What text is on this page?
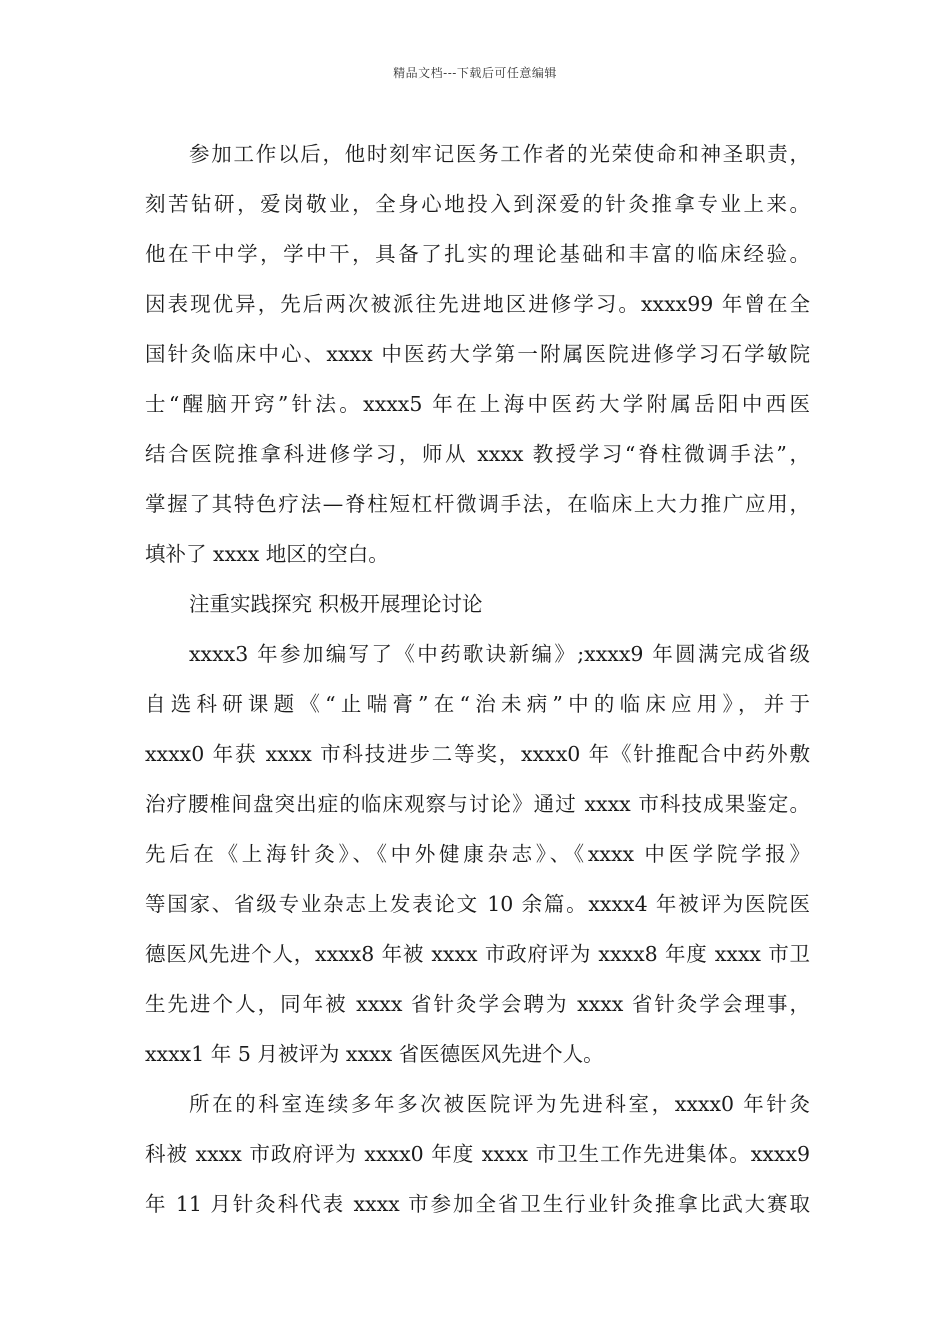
精品文档---下载后可任意编辑
参加工作以后，他时刻牢记医务工作者的光荣使命和神圣职责，
刻苦钻研，爱岗敬业，全身心地投入到深爱的针灸推拿专业上来。
他在干中学，学中干，具备了扎实的理论基础和丰富的临床经验。
因表现优异，先后两次被派往先进地区进修学习。xxxx99 年曾在全
国针灸临床中心、xxxx 中医药大学第一附属医院进修学习石学敏院
士“醒脑开窍”针法。xxxx5 年在上海中医药大学附属岳阳中西医
结合医院推拿科进修学习，师从 xxxx 教授学习“脊柱微调手法”，
掌握了其特色疗法—脊柱短杠杆微调手法，在临床上大力推广应用，
填补了 xxxx 地区的空白。
注重实践探究 积极开展理论讨论
xxxx3 年参加编写了《中药歌诀新编》;xxxx9 年圆满完成省级
自选科研课题《“止喘膏”在“治未病”中的临床应用》，并于
xxxx0 年获 xxxx 市科技进步二等奖，xxxx0 年《针推配合中药外敷
治疗腰椎间盘突出症的临床观察与讨论》通过 xxxx 市科技成果鉴定。
先后在《上海针灸》、《中外健康杂志》、《xxxx 中医学院学报》
等国家、省级专业杂志上发表论文 10 余篇。xxxx4 年被评为医院医
德医风先进个人，xxxx8 年被 xxxx 市政府评为 xxxx8 年度 xxxx 市卫
生先进个人，同年被 xxxx 省针灸学会聘为 xxxx 省针灸学会理事，
xxxx1 年 5 月被评为 xxxx 省医德医风先进个人。
所在的科室连续多年多次被医院评为先进科室，xxxx0 年针灸
科被 xxxx 市政府评为 xxxx0 年度 xxxx 市卫生工作先进集体。xxxx9
年 11 月针灸科代表 xxxx 市参加全省卫生行业针灸推拿比武大赛取
